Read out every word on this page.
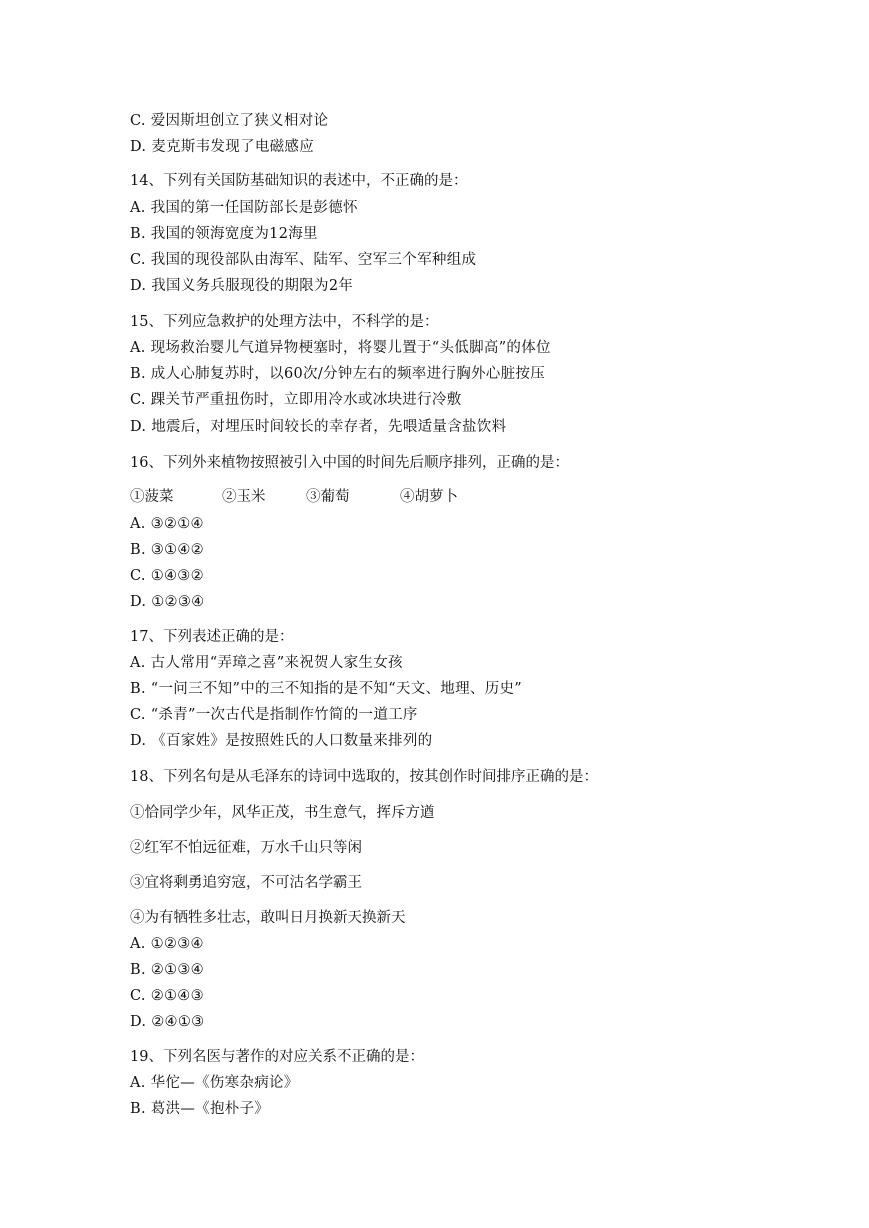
C. 爱因斯坦创立了狭义相对论
D. 麦克斯韦发现了电磁感应
14、下列有关国防基础知识的表述中，不正确的是：
A. 我国的第一任国防部长是彭德怀
B. 我国的领海宽度为12海里
C. 我国的现役部队由海军、陆军、空军三个军种组成
D. 我国义务兵服现役的期限为2年
15、下列应急救护的处理方法中，不科学的是：
A. 现场救治婴儿气道异物梗塞时，将婴儿置于“头低脚高”的体位
B. 成人心肺复苏时，以60次/分钟左右的频率进行胸外心脏按压
C. 踝关节严重扭伤时，立即用冷水或冰块进行冷敷
D. 地震后，对埋压时间较长的幸存者，先喂适量含盐饮料
16、下列外来植物按照被引入中国的时间先后顺序排列，正确的是：
①菠菜	②玉米	③葡萄	④胡萝卜
A. ③②①④
B. ③①④②
C. ①④③②
D. ①②③④
17、下列表述正确的是：
A. 古人常用“弄璋之喜”来祝贺人家生女孩
B. “一问三不知”中的三不知指的是不知“天文、地理、历史”
C. “杀青”一次古代是指制作竹简的一道工序
D. 《百家姓》是按照姓氏的人口数量来排列的
18、下列名句是从毛泽东的诗词中选取的，按其创作时间排序正确的是：
①恰同学少年，风华正茂，书生意气，挥斥方遒
②红军不怕远征难，万水千山只等闲
③宜将剩勇追穷寇，不可沽名学霸王
④为有牺牲多壮志，敢叫日月换新天换新天
A. ①②③④
B. ②①③④
C. ②①④③
D. ②④①③
19、下列名医与著作的对应关系不正确的是：
A. 华佗—《伤寒杂病论》
B. 葛洪—《抱朴子》
